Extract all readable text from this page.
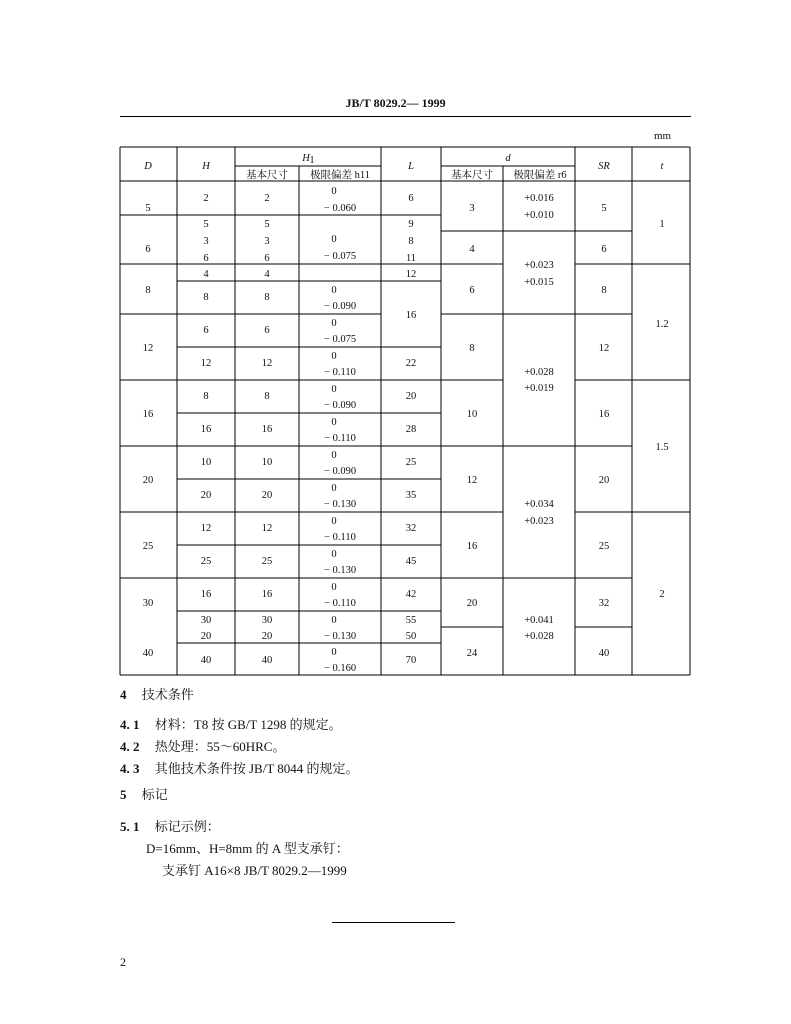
JB/T 8029.2— 1999
mm
D	H
H 1
基本尺寸 极限偏差 h11
L
d
基本尺寸 极限偏差 r6
SR	t
5
6
8
12
16
20
25
30
40
2
5
3
6
4
8
6
12
8
16
10
20
12
25
16
30
20
40
2
5
3
6
4
8
6
12
8
16
10
20
12
25
16
30
20
40
0
− 0.060
0
− 0.075
0
− 0.090
0
− 0.075
0
− 0.110
0
− 0.090
0
− 0.110
0
− 0.090
0
− 0.130
0
− 0.110
0
− 0.130
0
− 0.110
0
− 0.130
0
− 0.160
6
9
8
11
12
16
22
20
28
25
35
32
45
42
55
50
70
3
4
6
8
10
12
16
20
24
+0.016
+0.010
+0.023
+0.015
+0.028
+0.019
+0.034
+0.023
+0.041
+0.028
5
6
8
12
16
20
25
32
40
1
1.2
1.5
2
4 技术条件
4. 1 材料：T8 按 GB/T 1298 的规定。
4. 2 热处理：55～60HRC。
4. 3 其他技术条件按 JB/T 8044 的规定。
5 标记
5. 1 标记示例：
D=16mm、H=8mm 的 A 型支承钉：
支承钉 A16×8 JB/T 8029.2—1999
2
